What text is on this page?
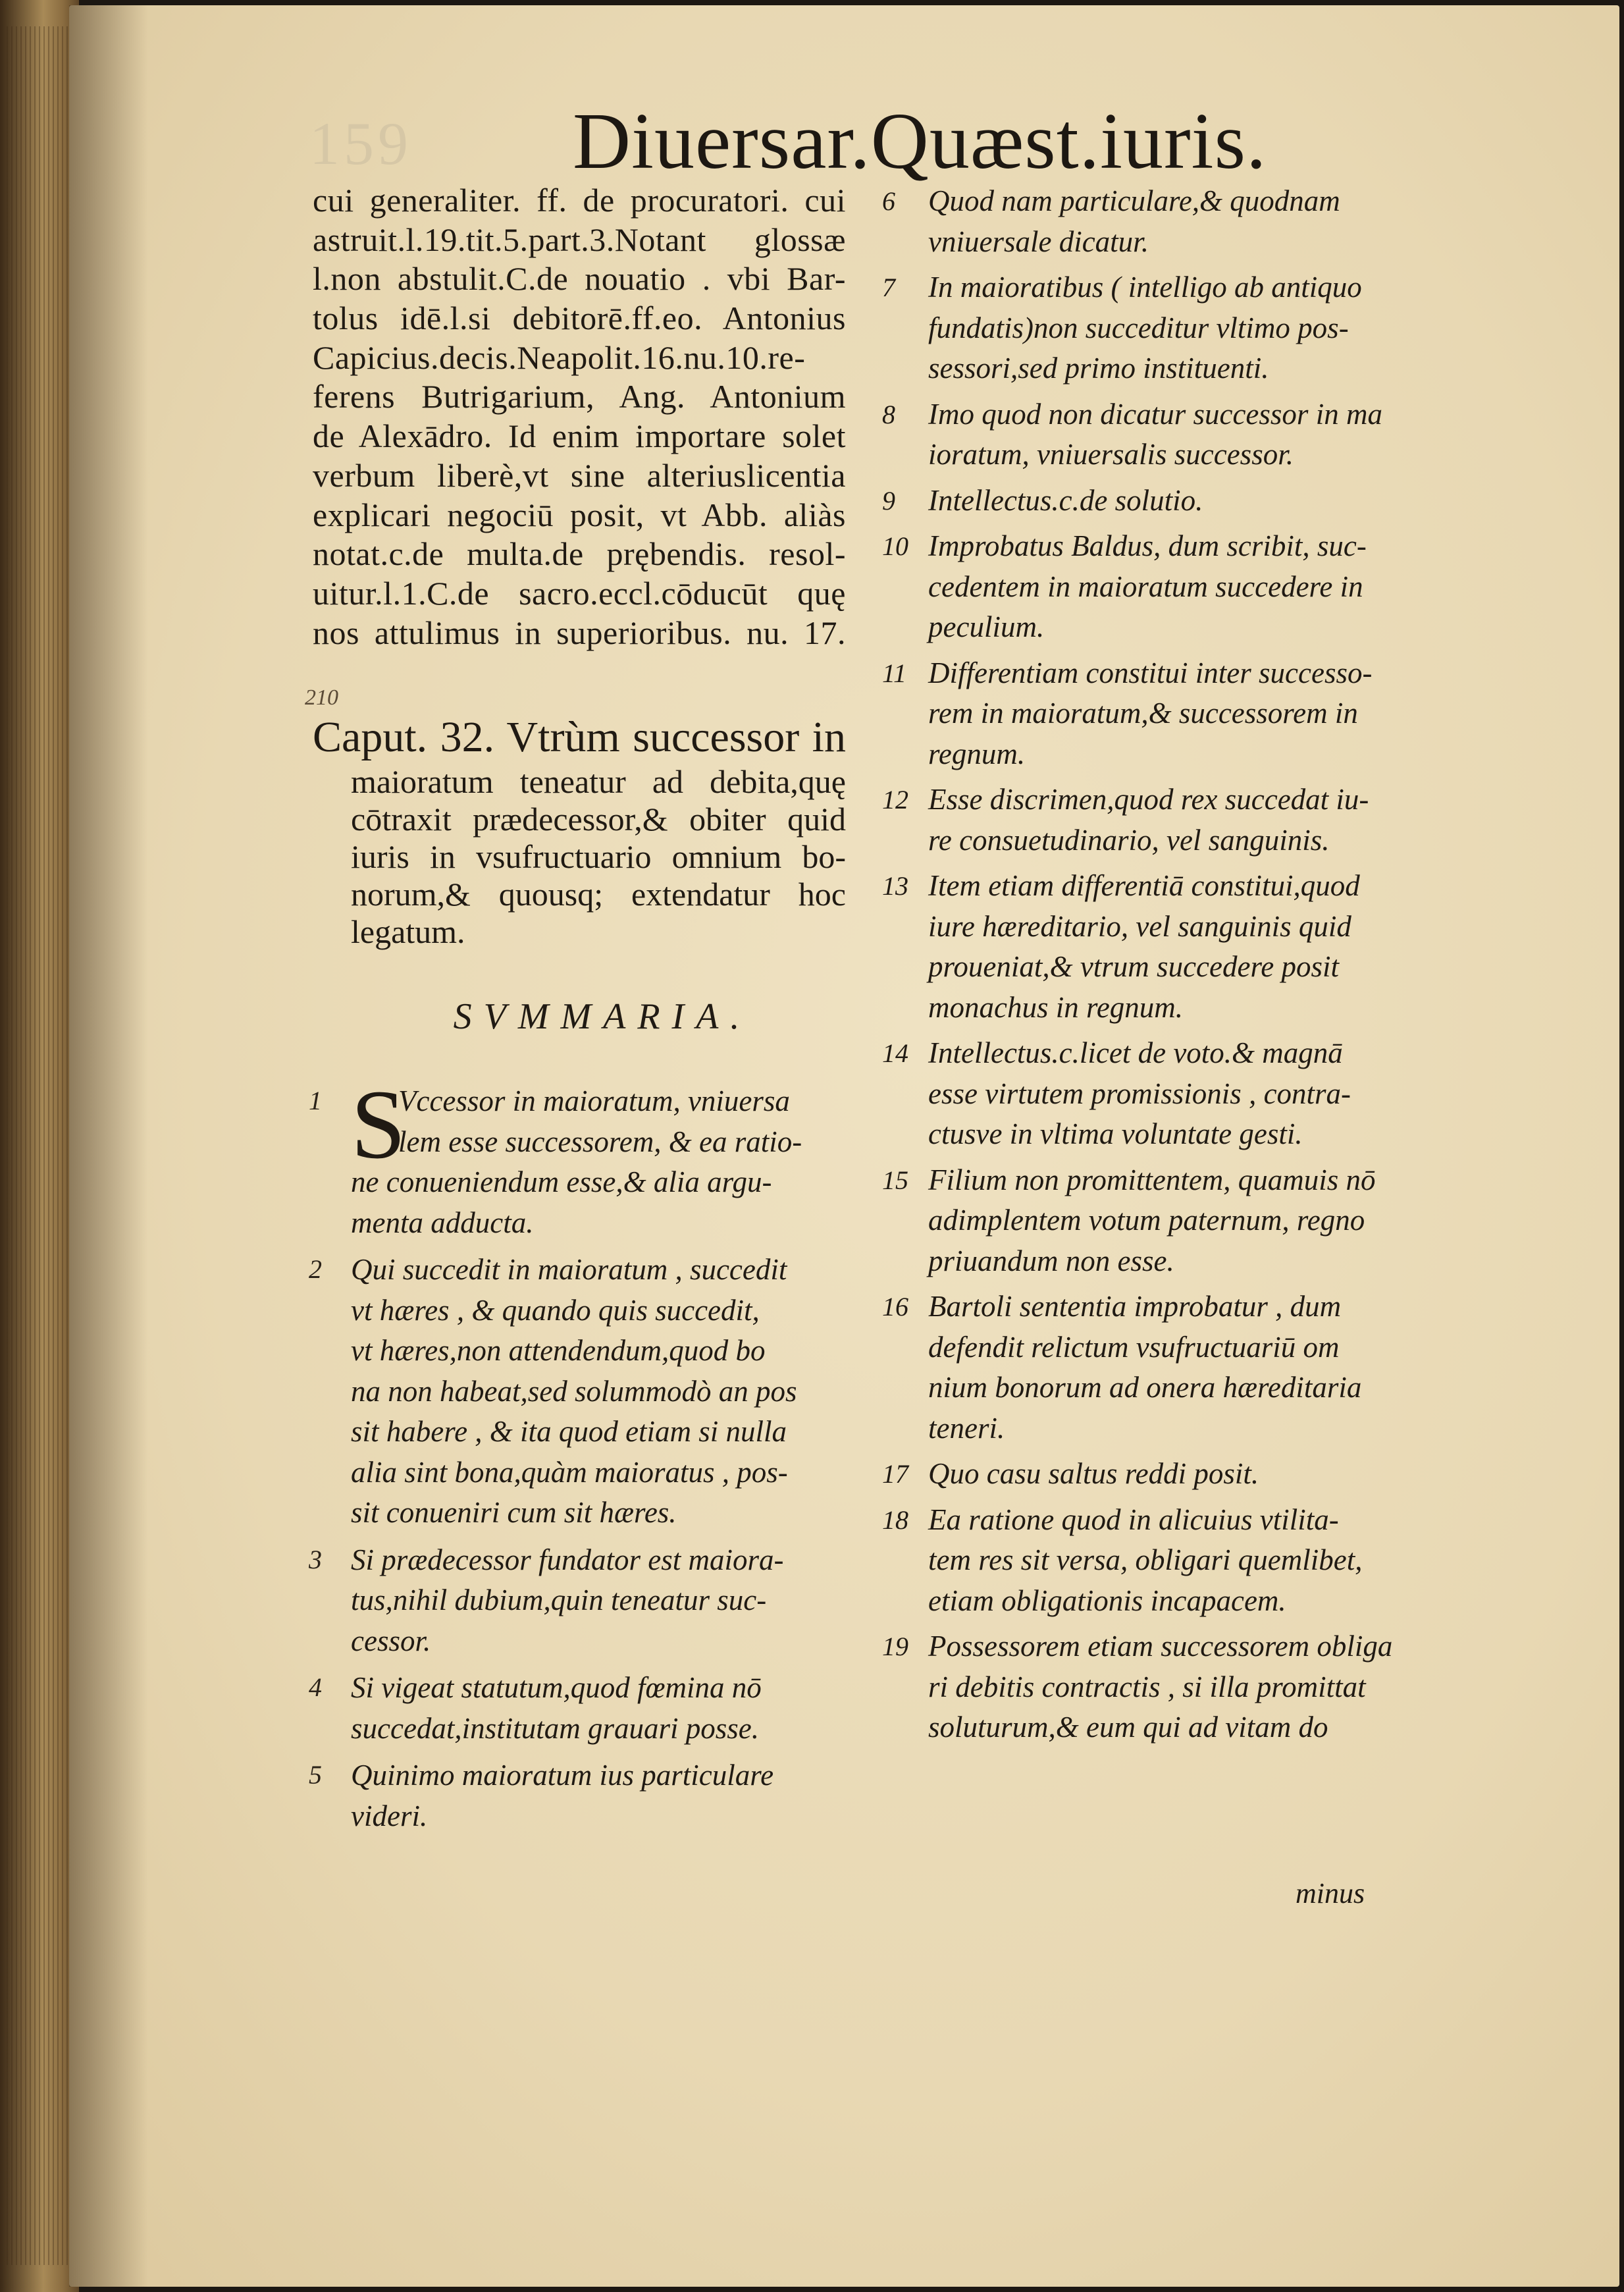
159 Diuersar.Quæst.iuris.
cui generaliter. ff. de procuratori. cui
astruit.l.19.tit.5.part.3.Notant glossæ
l.non abstulit.C.de nouatio . vbi Bar-
tolus idē.l.si debitorē.ff.eo. Antonius
Capicius.decis.Neapolit.16.nu.10.re-
ferens Butrigarium, Ang. Antonium
de Alexādro. Id enim importare solet
verbum liberè,vt sine alteriuslicentia
explicari negociū posit, vt Abb. aliàs
notat.c.de multa.de prębendis. resol-
uitur.l.1.C.de sacro.eccl.cōducūt quę
nos attulimus in superioribus. nu. 17.
210
Caput. 32. Vtrùm successor in
maioratum teneatur ad debita,quę
cōtraxit prædecessor,& obiter quid
iuris in vsufructuario omnium bo-
norum,& quousq; extendatur hoc
legatum.
SVMMARIA.
1 S
Vccessor in maioratum, vniuersa
lem esse successorem, & ea ratio-
ne conueniendum esse,& alia argu-
menta adducta.
2 Qui succedit in maioratum , succedit
vt hæres , & quando quis succedit,
vt hæres,non attendendum,quod bo
na non habeat,sed solummodò an pos
sit habere , & ita quod etiam si nulla
alia sint bona,quàm maioratus , pos-
sit conueniri cum sit hæres.
3 Si prædecessor fundator est maiora-
tus,nihil dubium,quin teneatur suc-
cessor.
4 Si vigeat statutum,quod fœmina nō
succedat,institutam grauari posse.
5 Quinimo maioratum ius particulare
videri.
6 Quod nam particulare,& quodnam
vniuersale dicatur.
7 In maioratibus ( intelligo ab antiquo
fundatis)non succeditur vltimo pos-
sessori,sed primo instituenti.
8 Imo quod non dicatur successor in ma
ioratum, vniuersalis successor.
9 Intellectus.c.de solutio.
10 Improbatus Baldus, dum scribit, suc-
cedentem in maioratum succedere in
peculium.
11 Differentiam constitui inter successo-
rem in maioratum,& successorem in
regnum.
12 Esse discrimen,quod rex succedat iu-
re consuetudinario, vel sanguinis.
13 Item etiam differentiā constitui,quod
iure hæreditario, vel sanguinis quid
proueniat,& vtrum succedere posit
monachus in regnum.
14 Intellectus.c.licet de voto.& magnā
esse virtutem promissionis , contra-
ctusve in vltima voluntate gesti.
15 Filium non promittentem, quamuis nō
adimplentem votum paternum, regno
priuandum non esse.
16 Bartoli sententia improbatur , dum
defendit relictum vsufructuariū om
nium bonorum ad onera hæreditaria
teneri.
17 Quo casu saltus reddi posit.
18 Ea ratione quod in alicuius vtilita-
tem res sit versa, obligari quemlibet,
etiam obligationis incapacem.
19 Possessorem etiam successorem obliga
ri debitis contractis , si illa promittat
soluturum,& eum qui ad vitam do
minus
